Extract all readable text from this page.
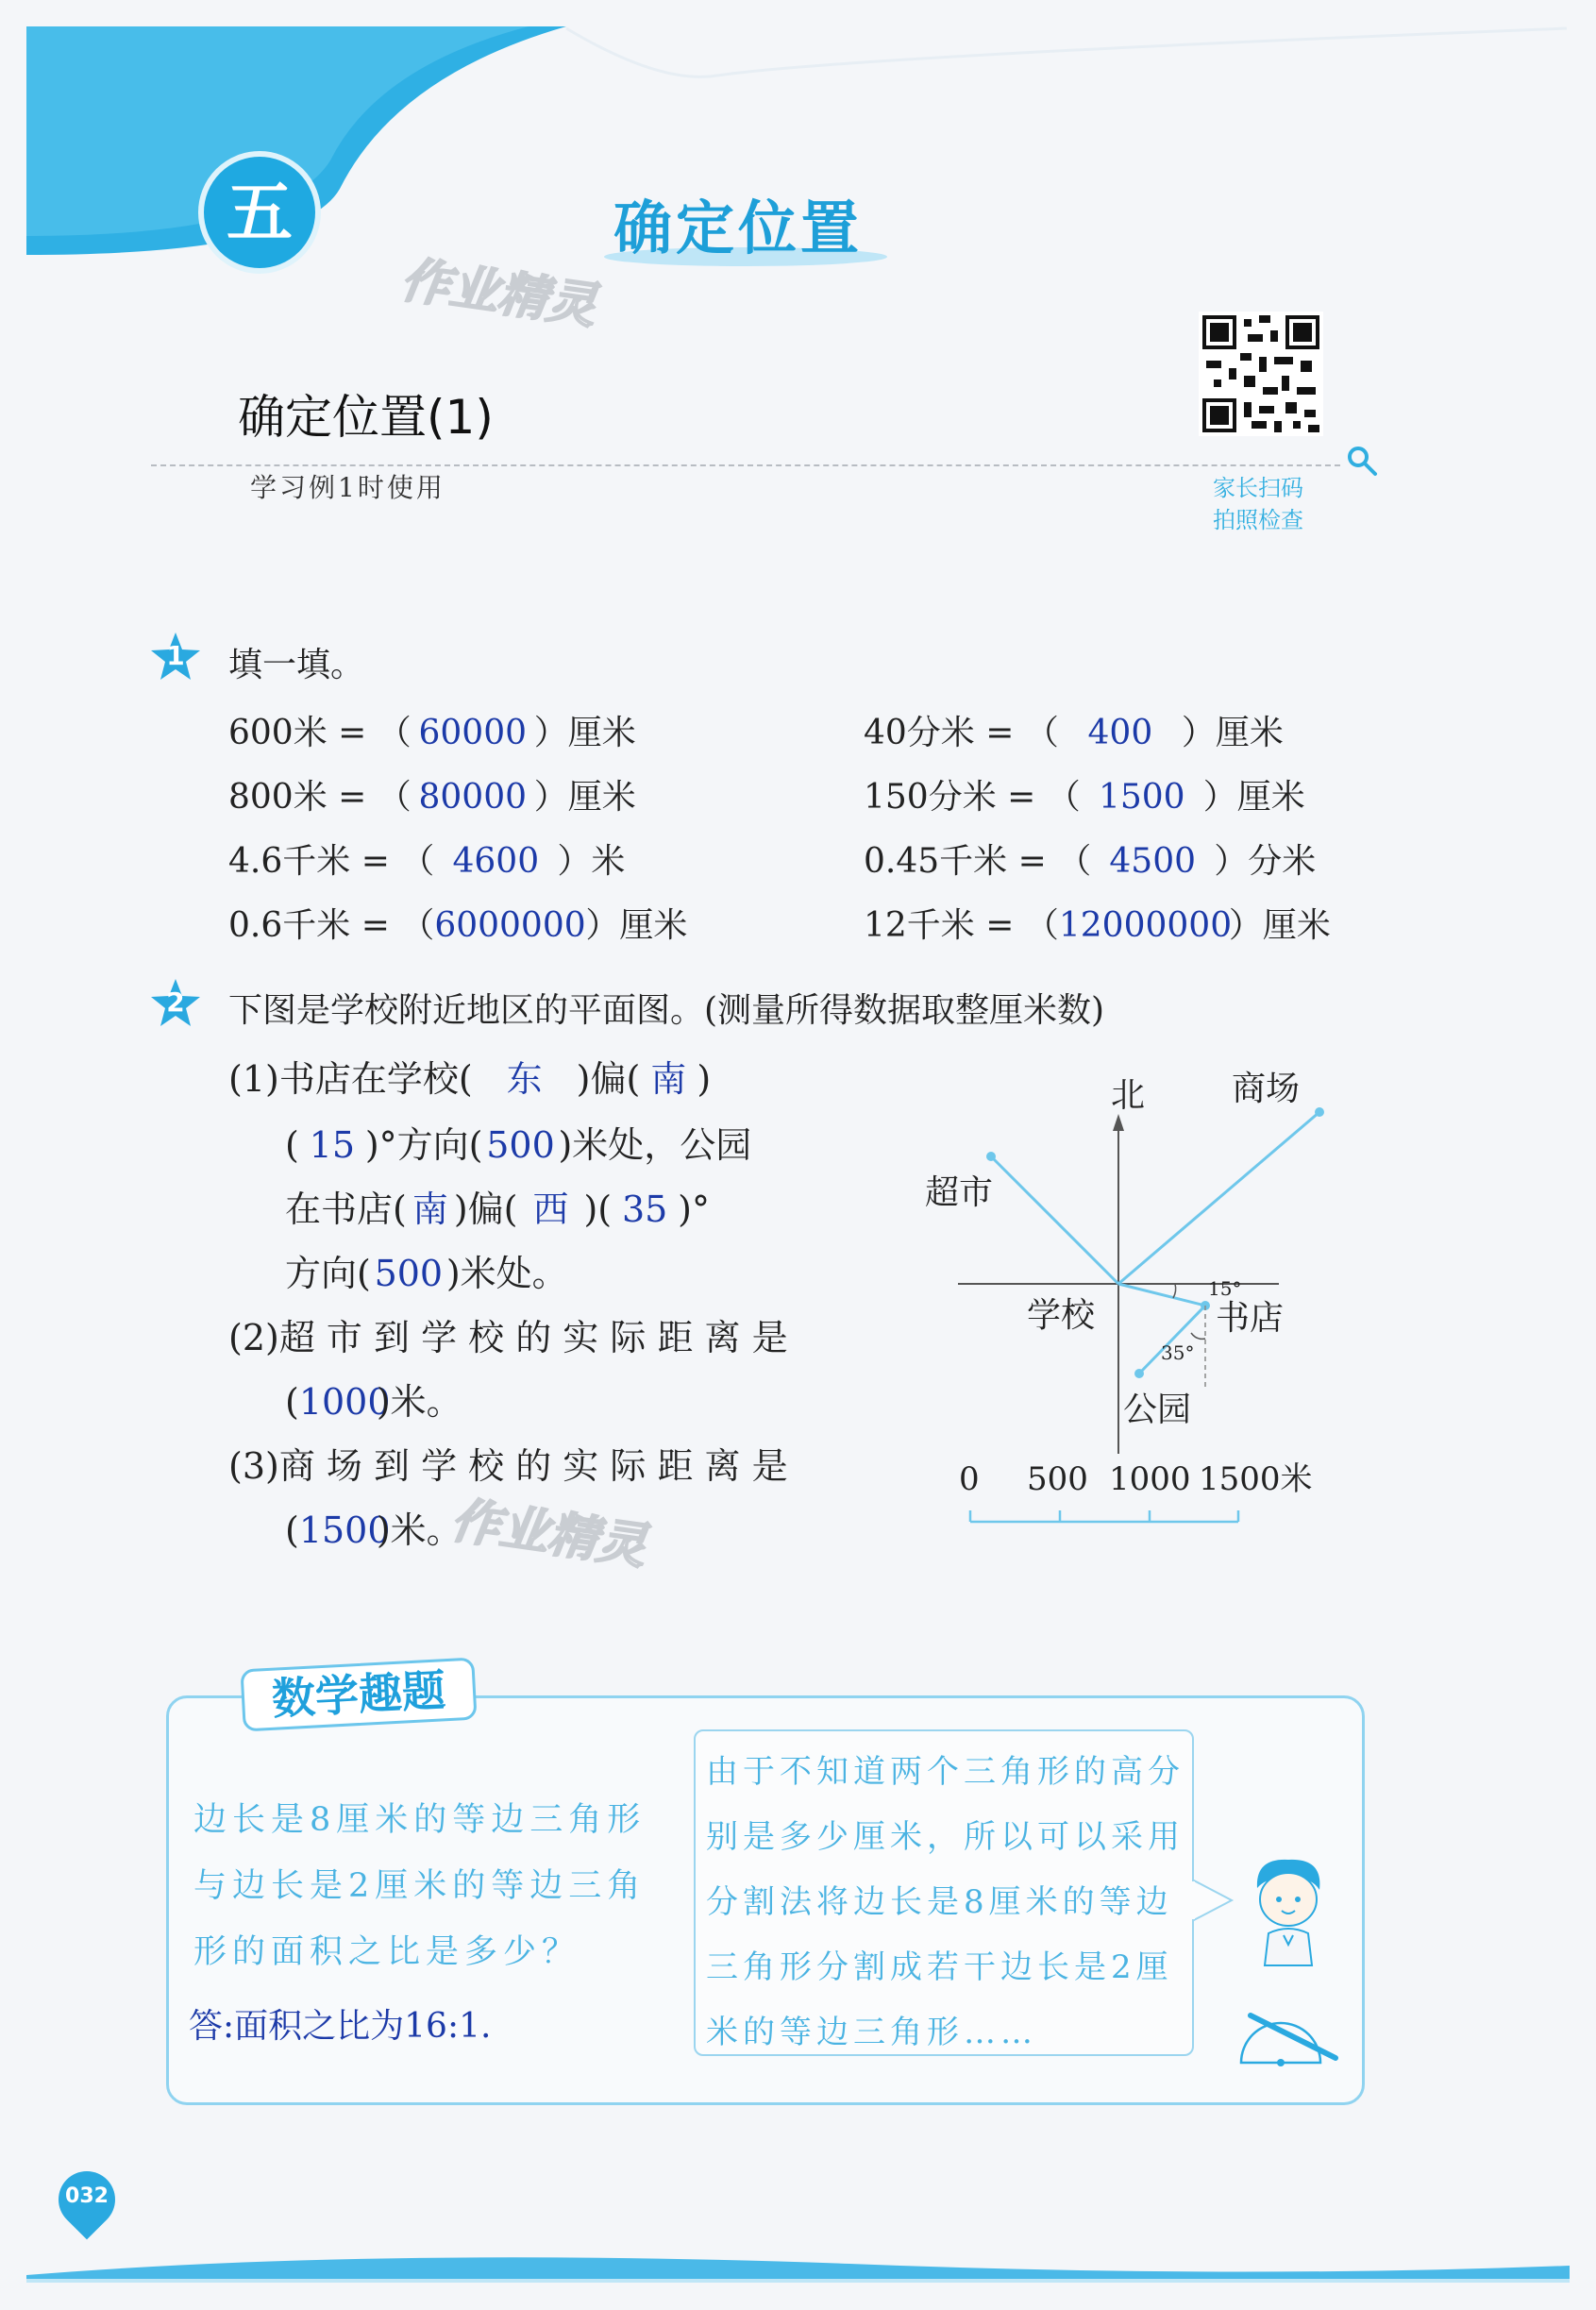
五	确定位置
作业精灵
确定位置(1)
学习例1时使用	家长扫码
拍照检查
1	填一填。
600米 = （ 60000 ）厘米	40分米 = （ 400 ）厘米
800米 = （ 80000 ）厘米	150分米 = （ 1500 ）厘米
4.6千米 = （ 4600 ）米	0.45千米 = （ 4500 ）分米
0.6千米 = （6000000）厘米	12千米 = （12000000）厘米
2	下图是学校附近地区的平面图。(测量所得数据取整厘米数)
(1)书店在学校( 东 )偏( 南 )
( 15 )°方向(500)米处，公园
在书店( 南 )偏( 西 )( 35 )°
方向(500)米处。
(2)超 市 到 学 校 的 实 际 距 离 是
(1000)米。
(3)商 场 到 学 校 的 实 际 距 离 是
(1500)米。
作业精灵
北	商场
超市
学校	书店
公园
15°
35°
0 500 1000 1500米
数学趣题
边长是8厘米的等边三角形与边长是2厘米的等边三角形的面积之比是多少？
答:面积之比为16:1.
由于不知道两个三角形的高分别是多少厘米，所以可以采用分割法将边长是8厘米的等边三角形分割成若干边长是2厘米的等边三角形……
032
